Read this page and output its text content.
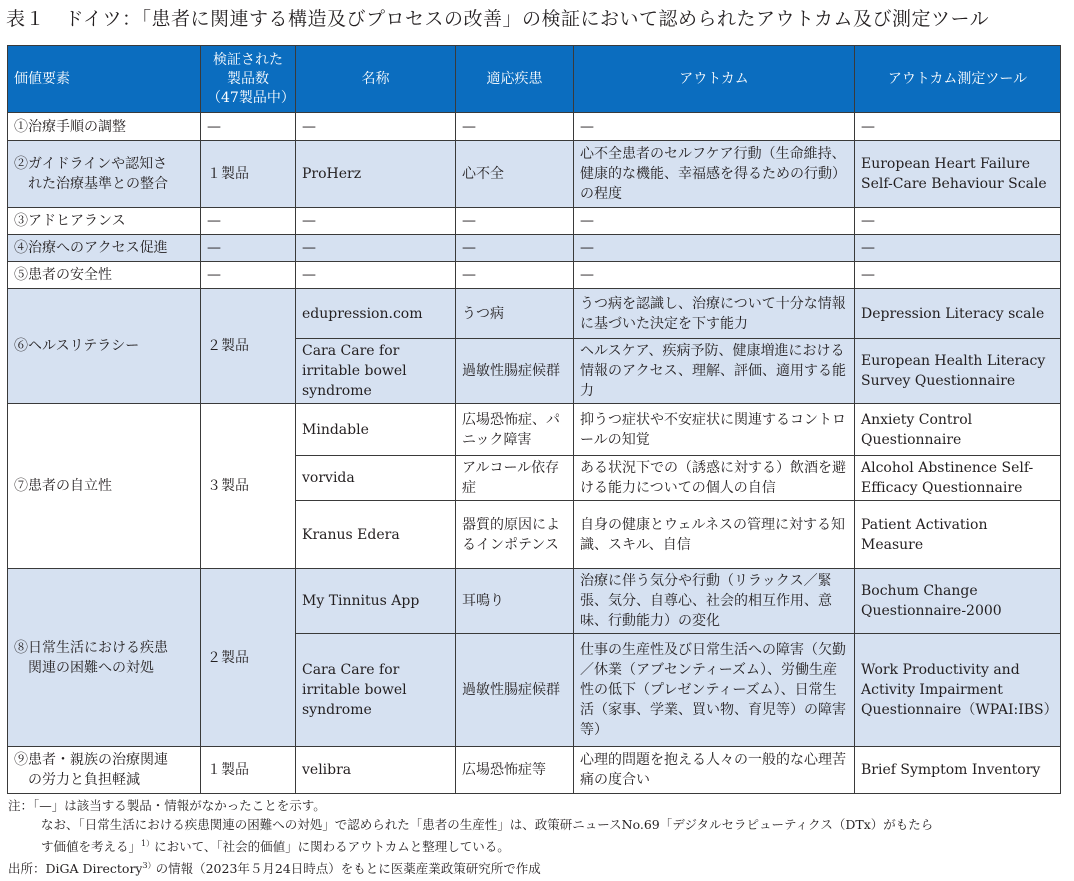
表１　ドイツ：「患者に関連する構造及びプロセスの改善」の検証において認められたアウトカム及び測定ツール
価値要素	検証された
製品数
（47製品中）	名称	適応疾患	アウトカム	アウトカム測定ツール
①治療手順の調整	—	—	—	—	—
②ガイドラインや認知さ
れた治療基準との整合	１製品	ProHerz	心不全	心不全患者のセルフケア行動（生命維持、健康的な機能、幸福感を得るための行動）の程度	European Heart Failure Self-Care Behaviour Scale
③アドヒアランス	—	—	—	—	—
④治療へのアクセス促進	—	—	—	—	—
⑤患者の安全性	—	—	—	—	—
⑥ヘルスリテラシー	２製品	edupression.com	うつ病	うつ病を認識し、治療について十分な情報に基づいた決定を下す能力	Depression Literacy scale
		Cara Care for irritable bowel syndrome	過敏性腸症候群	ヘルスケア、疾病予防、健康増進における情報のアクセス、理解、評価、適用する能力	European Health Literacy Survey Questionnaire
⑦患者の自立性	３製品	Mindable	広場恐怖症、パニック障害	抑うつ症状や不安症状に関連するコントロールの知覚	Anxiety Control Questionnaire
		vorvida	アルコール依存症	ある状況下での（誘惑に対する）飲酒を避ける能力についての個人の自信	Alcohol Abstinence Self-Efficacy Questionnaire
		Kranus Edera	器質的原因によるインポテンス	自身の健康とウェルネスの管理に対する知識、スキル、自信	Patient Activation Measure
⑧日常生活における疾患
関連の困難への対処	２製品	My Tinnitus App	耳鳴り	治療に伴う気分や行動（リラックス／緊張、気分、自尊心、社会的相互作用、意味、行動能力）の変化	Bochum Change Questionnaire-2000
		Cara Care for irritable bowel syndrome	過敏性腸症候群	仕事の生産性及び日常生活への障害（欠勤／休業（アブセンティーズム）、労働生産性の低下（プレゼンティーズム）、日常生活（家事、学業、買い物、育児等）の障害等）	Work Productivity and Activity Impairment Questionnaire（WPAI:IBS）
⑨患者・親族の治療関連
の労力と負担軽減	１製品	velibra	広場恐怖症等	心理的問題を抱える人々の一般的な心理苦痛の度合い	Brief Symptom Inventory
注：「—」は該当する製品・情報がなかったことを示す。

なお、「日常生活における疾患関連の困難への対処」で認められた「患者の生産性」は、政策研ニュースNo.69「デジタルセラピューティクス（DTx）がもたら
す価値を考える」$^{1)}$において、「社会的価値」に関わるアウトカムと整理している。
出所：DiGA Directory$^{3)}$の情報（2023年５月24日時点）をもとに医薬産業政策研究所で作成
